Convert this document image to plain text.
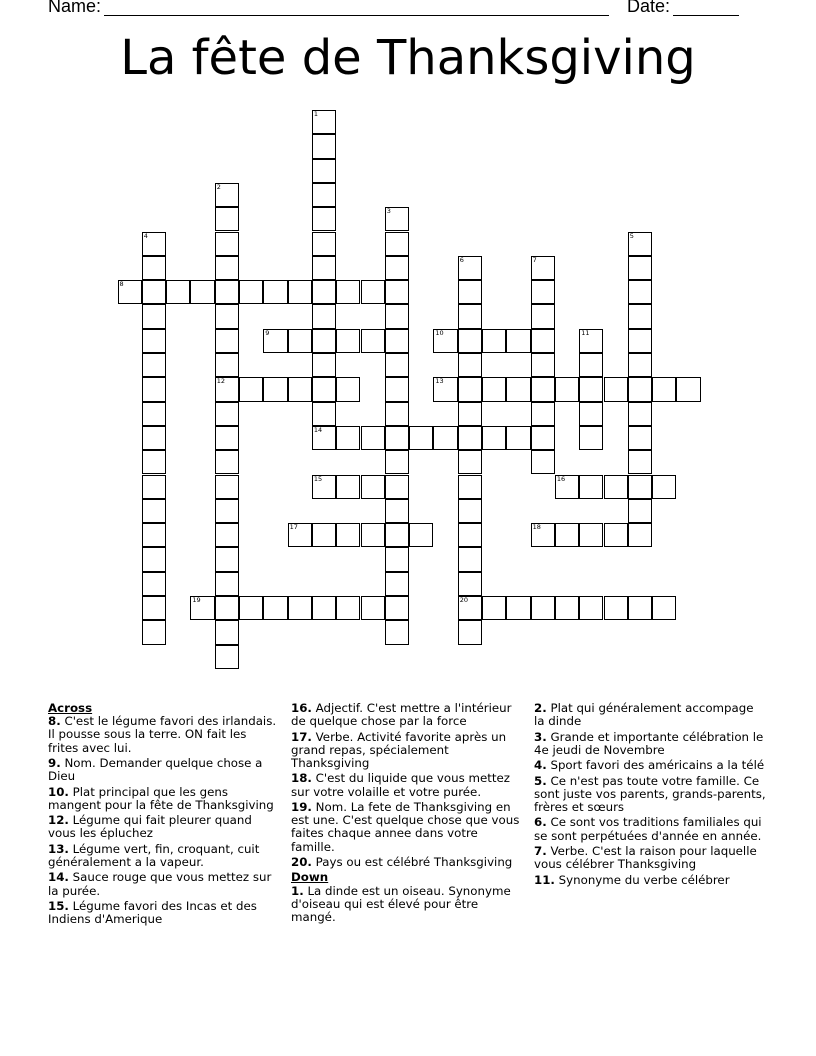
Name:	Date:
La fête de Thanksgiving
1
14
2
12
3
4	5
6
20
7
8
9	10	11
13
15	16
17	18
19
Across
8. C'est le légume favori des irlandais. Il pousse sous la terre. ON fait les frites avec lui.
9. Nom. Demander quelque chose a Dieu
10. Plat principal que les gens mangent pour la fête de Thanksgiving
12. Légume qui fait pleurer quand vous les épluchez
13. Légume vert, fin, croquant, cuit généralement a la vapeur.
14. Sauce rouge que vous mettez sur la purée.
15. Légume favori des Incas et des Indiens d'Amerique
16. Adjectif. C'est mettre a l'intérieur de quelque chose par la force
17. Verbe. Activité favorite après un grand repas, spécialement Thanksgiving
18. C'est du liquide que vous mettez sur votre volaille et votre purée.
19. Nom. La fete de Thanksgiving en est une. C'est quelque chose que vous faites chaque annee dans votre famille.
20. Pays ou est célébré Thanksgiving
Down
1. La dinde est un oiseau. Synonyme d'oiseau qui est élevé pour être mangé.
2. Plat qui généralement accompage la dinde
3. Grande et importante célébration le 4e jeudi de Novembre
4. Sport favori des américains a la télé
5. Ce n'est pas toute votre famille. Ce sont juste vos parents, grands-parents, frères et sœurs
6. Ce sont vos traditions familiales qui se sont perpétuées d'année en année.
7. Verbe. C'est la raison pour laquelle vous célébrer Thanksgiving
11. Synonyme du verbe célébrer
